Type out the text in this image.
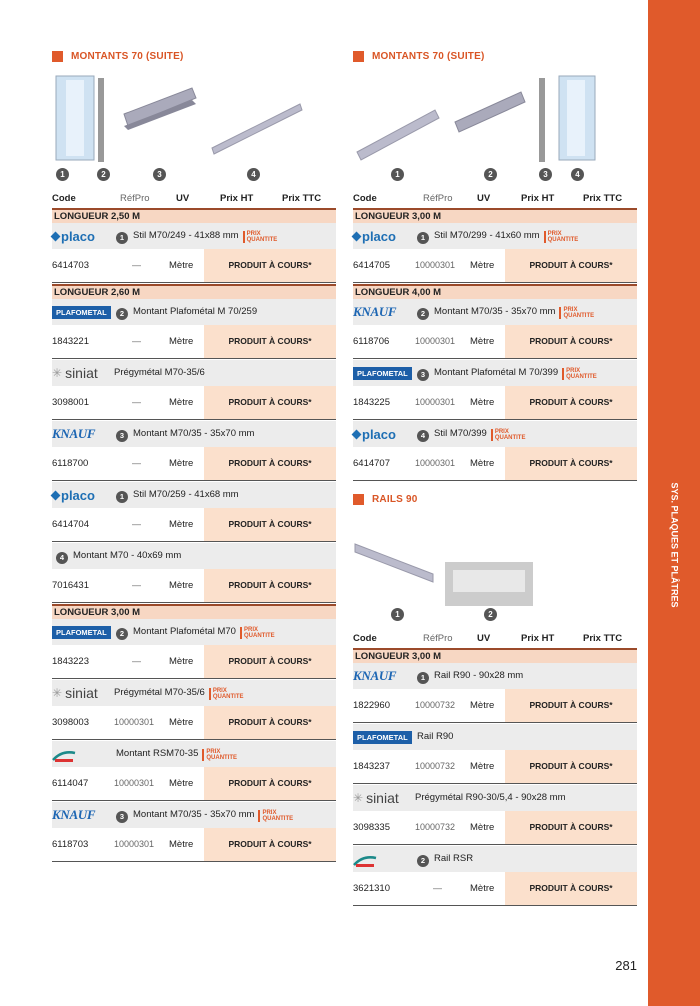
SYS. PLAQUES ET PLÂTRES
MONTANTS 70 (SUITE)
1	2	3	4
Code	RéfPro	UV	Prix HT	Prix TTC
LONGUEUR 2,50 M
placo	1 Stil M70/249 - 41x88 mm PRIX
QUANTITE
6414703	—	Mètre	PRODUIT À COURS*
LONGUEUR 2,60 M
PLAFOMETAL	2 Montant Plafométal M 70/259
1843221	—	Mètre	PRODUIT À COURS*
✳ siniat Prégymétal M70-35/6
3098001	—	Mètre	PRODUIT À COURS*
KNAUF	3 Montant M70/35 - 35x70 mm
6118700	—	Mètre	PRODUIT À COURS*
placo	1 Stil M70/259 - 41x68 mm
6414704	—	Mètre	PRODUIT À COURS*
4 Montant M70 - 40x69 mm
7016431	—	Mètre	PRODUIT À COURS*
LONGUEUR 3,00 M
PLAFOMETAL	2 Montant Plafométal M70 PRIX
QUANTITE
1843223	—	Mètre	PRODUIT À COURS*
✳ siniat Prégymétal M70-35/6 PRIX
QUANTITE
3098003	10000301 Mètre	PRODUIT À COURS*
Montant RSM70-35 PRIX
QUANTITE
6114047	10000301 Mètre	PRODUIT À COURS*
KNAUF	3 Montant M70/35 - 35x70 mm PRIX
QUANTITE
6118703	10000301 Mètre	PRODUIT À COURS*
MONTANTS 70 (SUITE)
1	2	3	4
Code	RéfPro	UV	Prix HT	Prix TTC
LONGUEUR 3,00 M
placo	1 Stil M70/299 - 41x60 mm PRIX
QUANTITE
6414705	10000301 Mètre	PRODUIT À COURS*
LONGUEUR 4,00 M
KNAUF	2 Montant M70/35 - 35x70 mm PRIX
QUANTITE
6118706	10000301 Mètre	PRODUIT À COURS*
PLAFOMETAL	3 Montant Plafométal M 70/399 PRIX
QUANTITE
1843225	10000301 Mètre	PRODUIT À COURS*
placo	4 Stil M70/399 PRIX
QUANTITE
6414707	10000301 Mètre	PRODUIT À COURS*
RAILS 90
1	2
Code	RéfPro	UV	Prix HT	Prix TTC
LONGUEUR 3,00 M
KNAUF	1 Rail R90 - 90x28 mm
1822960	10000732 Mètre	PRODUIT À COURS*
PLAFOMETAL Rail R90
1843237	10000732 Mètre	PRODUIT À COURS*
✳ siniat Prégymétal R90-30/5,4 - 90x28 mm
3098335	10000732 Mètre	PRODUIT À COURS*
2 Rail RSR
3621310	—	Mètre	PRODUIT À COURS*
281
